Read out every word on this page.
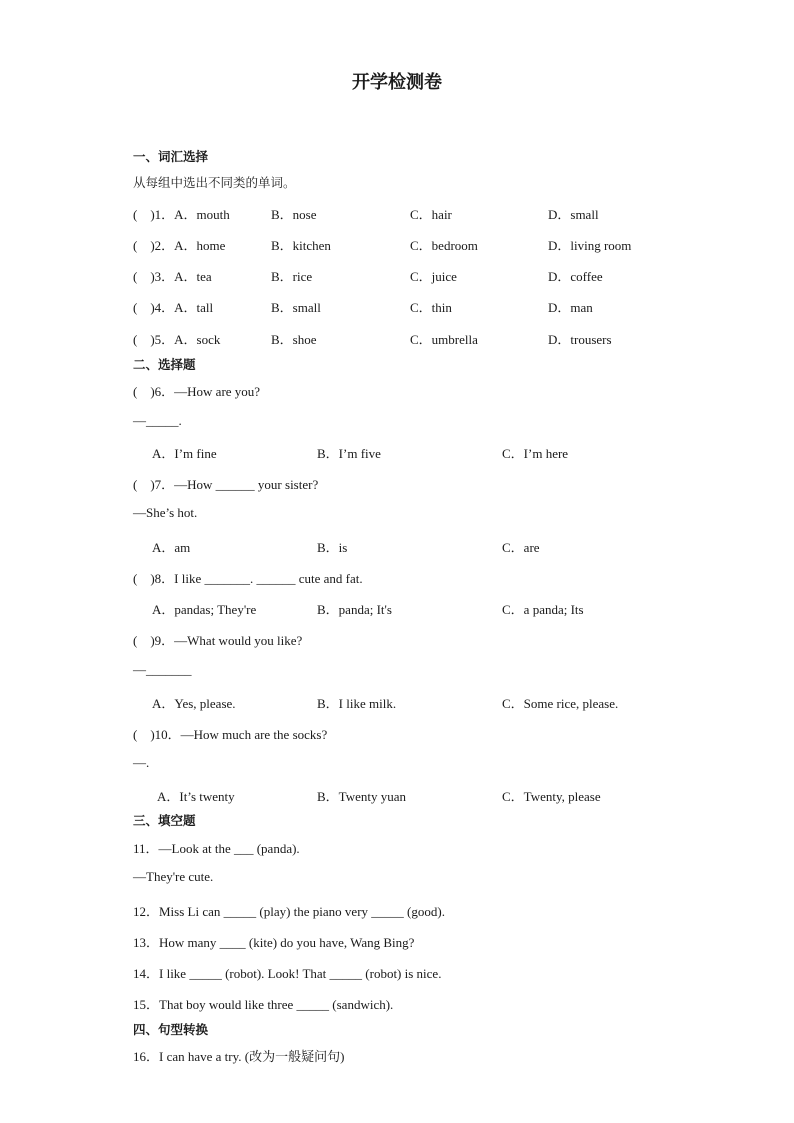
开学检测卷
一、词汇选择
从每组中选出不同类的单词。
(　)1．A．mouth	B．nose	C．hair	D．small
(　)2．A．home	B．kitchen	C．bedroom	D．living room
(　)3．A．tea	B．rice	C．juice	D．coffee
(　)4．A．tall	B．small	C．thin	D．man
(　)5．A．sock	B．shoe	C．umbrella	D．trousers
二、选择题
(　)6．—How are you?
—_____.
A．I’m fine	B．I’m five	C．I’m here
(　)7．—How ______ your sister?
—She’s hot.
A．am	B．is	C．are
(　)8．I like _______. ______ cute and fat.
A．pandas; They're	B．panda; It's	C．a panda; Its
(　)9．—What would you like?
—_______
A．Yes, please.	B．I like milk.	C．Some rice, please.
(　)10．—How much are the socks?
—.
A．It’s twenty	B．Twenty yuan	C．Twenty, please
三、填空题
11．—Look at the ___ (panda).
—They're cute.
12．Miss Li can _____ (play) the piano very _____ (good).
13．How many ____ (kite) do you have, Wang Bing?
14．I like _____ (robot). Look! That _____ (robot) is nice.
15．That boy would like three _____ (sandwich).
四、句型转换
16．I can have a try. (改为一般疑问句)
